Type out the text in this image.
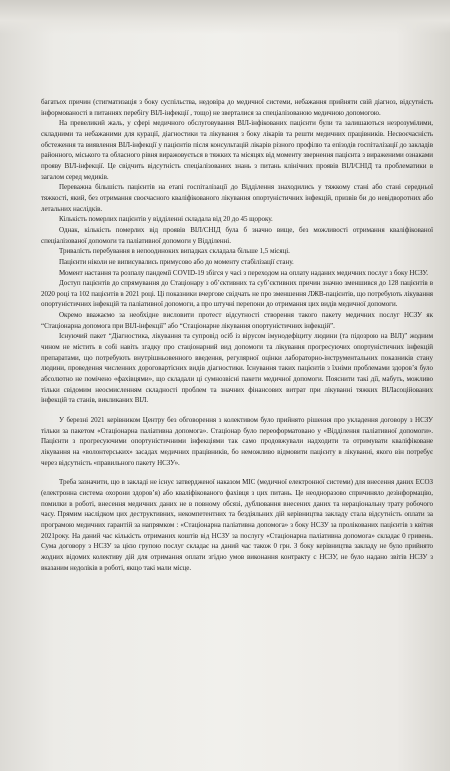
багатьох причин (стигматизація з боку суспільства, недовіра до медичної системи, небажання прийняти свій діагноз, відсутність інформованості в питаннях перебігу ВІЛ-інфекції , тощо) не зверталися за спеціалізованою медичною допомогою.

На превеликий жаль, у сфері медичного обслуговування ВІЛ-інфікованих пацієнти були та залишаються незрозумілими, складними та небажаними для курації, діагностики та лікування з боку лікарів та решти медичних працівників. Несвоєчасність обстеження та виявлення ВІЛ-інфекції у пацієнтів після консультацій лікарів різного профілю та епізодів госпіталізації до закладів районного, міського та обласного рівня виражовується в тяжких та місяцях від моменту звернення пацієнта з вираженими ознаками прояву ВІЛ-інфекції. Це свідчить відсутність спеціалізованих знань з питань клінічних проявів ВІЛ/СНІД та проблематики в загалом серед медиків.

Переважна більшість пацієнтів на етапі госпіталізації до Відділення знаходились у тяжкому стані або стані середньої тяжкості, який, без отримання своєчасного кваліфікованого лікування опортуністичних інфекцій, призвів би до невідворотних або летальних наслідків.

Кількість померлих пацієнтів у відділенні складала від 20 до 45 щороку.

Однак, кількість померлих від проявів ВІЛ/СНІД була б значно вище, без можливості отримання кваліфікованої спеціалізованої допомоги та паліативної допомоги у Відділенні.

Тривалість перебування в непоодиноких випадках складала більше 1,5 місяці.

Пацієнти ніколи не виписувались примусово або до моменту стабілізації стану.

Момент настання та розпалу пандемії COVID-19 збігся у часі з переходом на оплату наданих медичних послуг з боку НСЗУ.

Доступ пацієнтів до спрямування до Стаціонару з об’єктивних та суб’єктивних причин значно зменшився до 128 пацієнтів в 2020 році та 102 пацієнтів в 2021 році. Ці показники вчергове свідчать не про зменшення ЛЖВ-пацієнтів, що потребують лікування опортуністичних інфекцій та паліативної допомоги, а про штучні перепони до отримання цих видів медичної допомоги.

Окремо вважаємо за необхідне висловити протест відсутності створення такого пакету медичних послуг НСЗУ як “Стаціонарна допомога при ВІЛ-інфекції” або “Стаціонарне лікування опортуністичних інфекцій”.

Існуючий пакет “Діагностика, лікування та супровід осіб із вірусом імунодефіциту людини (та підозрою на ВІЛ)” жодним чином не містить в собі навіть згадку про стаціонарний вид допомоги та лікування прогресуючих опортуністичних інфекцій препаратами, що потребують внутрішньовенного введення, регулярної оцінки лабораторно-інструментальних показників стану людини, проведення численних дороговартісних видів діагностики. Існування таких пацієнтів з їхніми проблемами здоров’я було абсолютно не помічено «фахівцями», що складали ці сумнозвісні пакети медичної допомоги. Пояснити такі дії, мабуть, можливо тільки свідомим неосмисленням складності проблем та значних фінансових витрат при лікуванні тяжких ВІЛасоційованих інфекцій та станів, викликаних ВІЛ.

У березні 2021 керівником Центру без обговорення з колективом було прийнято рішення про укладення договору з НСЗУ тільки за пакетом «Стаціонарна паліативна допомога». Стаціонар було переоформатовано у «Відділення паліативної допомоги». Пацієнти з прогресуючими опортуністичними інфекціями так само продовжували надходити та отримувати кваліфіковане лікування на «волонтерських» засадах медичних працівників, бо неможливо відмовити пацієнту в лікуванні, якого він потребує через відсутність «правильного пакету НСЗУ».

Треба зазначити, що в закладі не існує затвердженої наказом МІС (медичної електронної системи) для внесення даних ЕСОЗ (електронна система охорони здоров’я) або кваліфікованого фахівця з цих питань. Це неодноразово спричиняло дезінформацію, помилки в роботі, внесення медичних даних не в повному обсязі, дублювання внесених даних та нераціональну трату робочого часу. Прямим наслідком цих деструктивних, некомпетентних та бездіяльних дій керівництва закладу стала відсутність оплати за програмою медичних гарантій за напрямком : «Стаціонарна паліативна допомога» з боку НСЗУ за пролікованих пацієнтів з квітня 2021року. На даний час кількість отриманих коштів від НСЗУ за послугу «Стаціонарна паліативна допомога» складає 0 гривень. Сума договору з НСЗУ за цією групою послуг складає на даний час також 0 грн. З боку керівництва закладу не було прийнято жодних відомих колективу дій для отримання оплати згідно умов виконання контракту с НСЗУ, не було надано звітів НСЗУ з вказаним недоліків в роботі, якщо такі мали місце.
